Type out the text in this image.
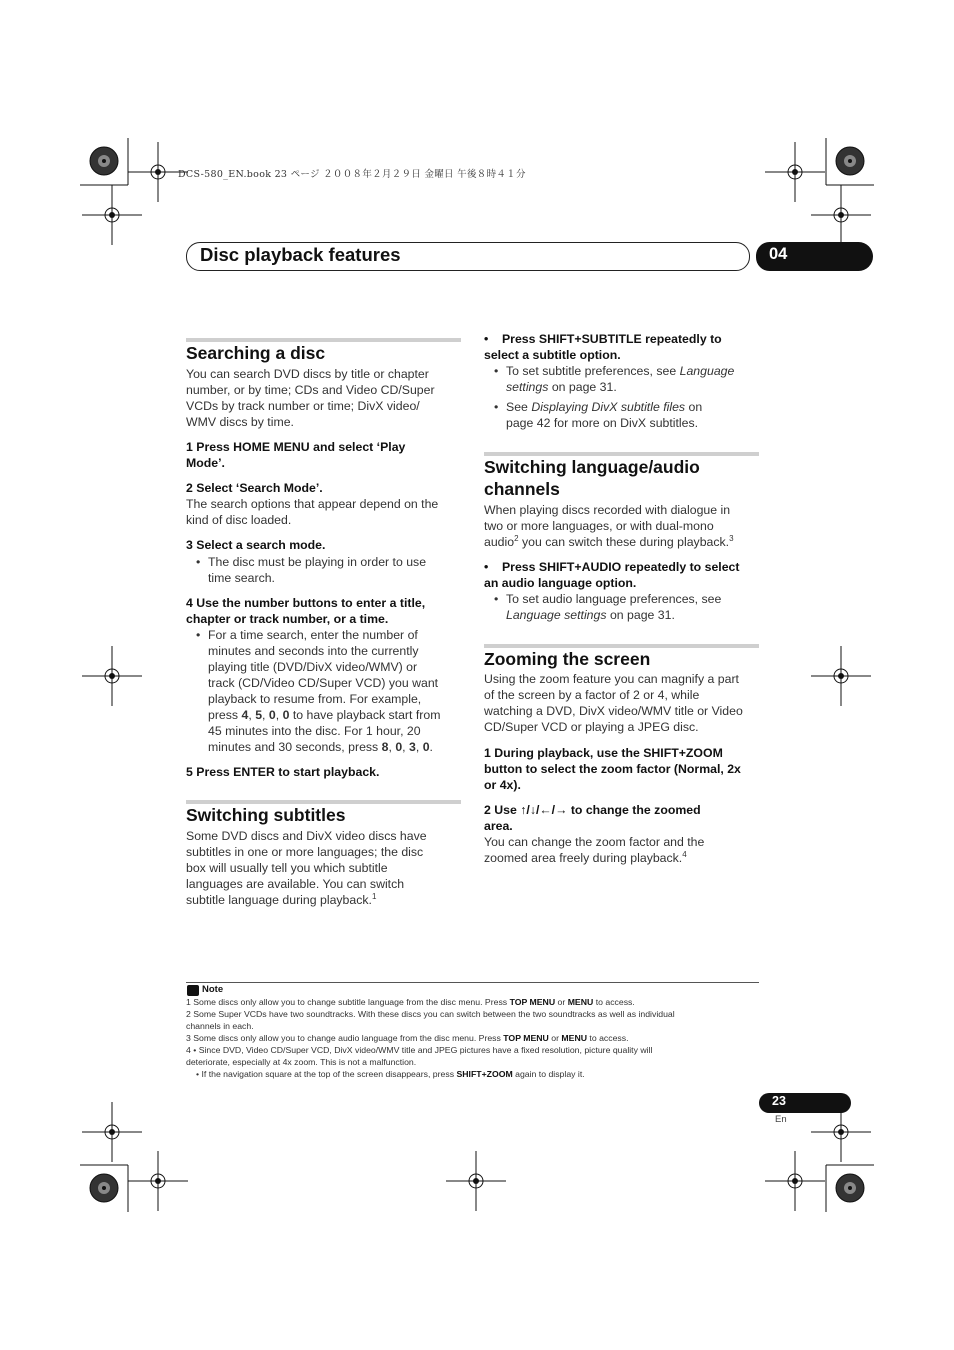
DCS-580_EN.book 23 ページ ２００８年２月２９日 金曜日 午後８時４１分
Disc playback features	04
Searching a disc
You can search DVD discs by title or chapter
number, or by time; CDs and Video CD/Super
VCDs by track number or time; DivX video/
WMV discs by time.
1 Press HOME MENU and select ‘Play
Mode’.
2 Select ‘Search Mode’.
The search options that appear depend on the
kind of disc loaded.
3 Select a search mode.
• The disc must be playing in order to use
time search.
4 Use the number buttons to enter a title,
chapter or track number, or a time.
• For a time search, enter the number of
minutes and seconds into the currently
playing title (DVD/DivX video/WMV) or
track (CD/Video CD/Super VCD) you want
playback to resume from. For example,
press 4, 5, 0, 0 to have playback start from
45 minutes into the disc. For 1 hour, 20
minutes and 30 seconds, press 8, 0, 3, 0.
5 Press ENTER to start playback.
Switching subtitles
Some DVD discs and DivX video discs have
subtitles in one or more languages; the disc
box will usually tell you which subtitle
languages are available. You can switch
subtitle language during playback.$^1$
•    Press SHIFT+SUBTITLE repeatedly to
select a subtitle option.
• To set subtitle preferences, see Language
settings on page 31.
• See Displaying DivX subtitle files on
page 42 for more on DivX subtitles.
Switching language/audio
channels
When playing discs recorded with dialogue in
two or more languages, or with dual-mono
audio$^2$ you can switch these during playback.$^3$
•    Press SHIFT+AUDIO repeatedly to select
an audio language option.
• To set audio language preferences, see
Language settings on page 31.
Zooming the screen
Using the zoom feature you can magnify a part
of the screen by a factor of 2 or 4, while
watching a DVD, DivX video/WMV title or Video
CD/Super VCD or playing a JPEG disc.
1 During playback, use the SHIFT+ZOOM
button to select the zoom factor (Normal, 2x
or 4x).
2 Use ↑/↓/←/→ to change the zoomed
area.
You can change the zoom factor and the
zoomed area freely during playback.$^4$
Note
1 Some discs only allow you to change subtitle language from the disc menu. Press TOP MENU or MENU to access.
2 Some Super VCDs have two soundtracks. With these discs you can switch between the two soundtracks as well as individual
channels in each.
3 Some discs only allow you to change audio language from the disc menu. Press TOP MENU or MENU to access.
4 • Since DVD, Video CD/Super VCD, DivX video/WMV title and JPEG pictures have a fixed resolution, picture quality will
deteriorate, especially at 4x zoom. This is not a malfunction.
• If the navigation square at the top of the screen disappears, press SHIFT+ZOOM again to display it.
23
En
